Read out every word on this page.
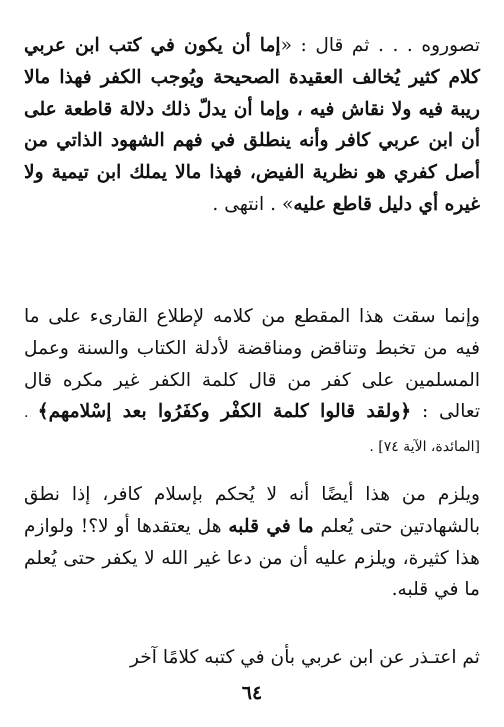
تصوروه . . . ثم قال : «إما أن يكون في كتب ابن عربي كلام كثير يُخالف العقيدة الصحيحة ويُوجب الكفر فهذا مالا ريبة فيه ولا نقاش فيه ، وإما أن يدلّ ذلك دلالة قاطعة على أن ابن عربي كافر وأنه ينطلق في فهم الشهود الذاتي من أصل كفري هو نظرية الفيض، فهذا مالا يملك ابن تيمية ولا غيره أي دليل قاطع عليه» . انتهى .

وإنما سقت هذا المقطع من كلامه لإطلاع القارىء على ما فيه من تخبط وتناقض ومناقضة لأدلة الكتاب والسنة وعمل المسلمين على كفر من قال كلمة الكفر غير مكره قال تعالى : ﴿ولقد قالوا كلمة الكفْر وكفَرُوا بعد إسْلامهم﴾ . [المائدة، الآية ٧٤] .

ويلزم من هذا أيضًا أنه لا يُحكم بإسلام كافر، إذا نطق بالشهادتين حتى يُعلم ما في قلبه هل يعتقدها أو لا؟! ولوازم هذا كثيرة، ويلزم عليه أن من دعا غير الله لا يكفر حتى يُعلم ما في قلبه.

ثم اعتـذر عن ابن عربي بأن في كتبه كلامًا آخر

٦٤
